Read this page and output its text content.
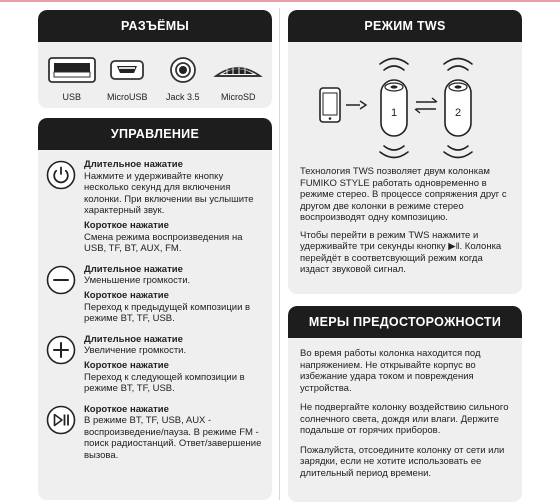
РАЗЪЁМЫ
USB	MicroUSB Jack 3.5 MicroSD
УПРАВЛЕНИЕ
Длительное нажатие
Нажмите и удерживайте кнопку несколько секунд для включения колонки. При включении вы услышите характерный звук.
Короткое нажатие
Смена режима воспроизведения на USB, TF, BT, AUX, FM.
Длительное нажатие
Уменьшение громкости.
Короткое нажатие
Переход к предыдущей композиции в режиме BT, TF, USB.
Длительное нажатие
Увеличение громкости.
Короткое нажатие
Переход к следующей композиции в режиме BT, TF, USB.
Короткое нажатие
В режиме BT, TF, USB, AUX - воспроизведение/пауза. В режиме FM - поиск радиостанций. Ответ/завершение вызова.
РЕЖИМ TWS
1	2

Технология TWS позволяет двум колонкам FUMIKO STYLE работать одновременно в режиме стерео. В процессе сопряжения друг с другом две колонки в режиме стерео воспроизводят одну композицию.

Чтобы перейти в режим TWS нажмите и удерживайте три секунды кнопку ▶‖. Колонка перейдёт в соответсвующий режим когда издаст звуковой сигнал.

МЕРЫ ПРЕДОСТОРОЖНОСТИ

Во время работы колонка находится под напряжением. Не открывайте корпус во избежание удара током и повреждения устройства.

Не подвергайте колонку воздействию сильного солнечного света, дождя или влаги. Держите подальше от горячих приборов.

Пожалуйста, отсоедините колонку от сети или зарядки, если не хотите использовать ее длительный период времени.
